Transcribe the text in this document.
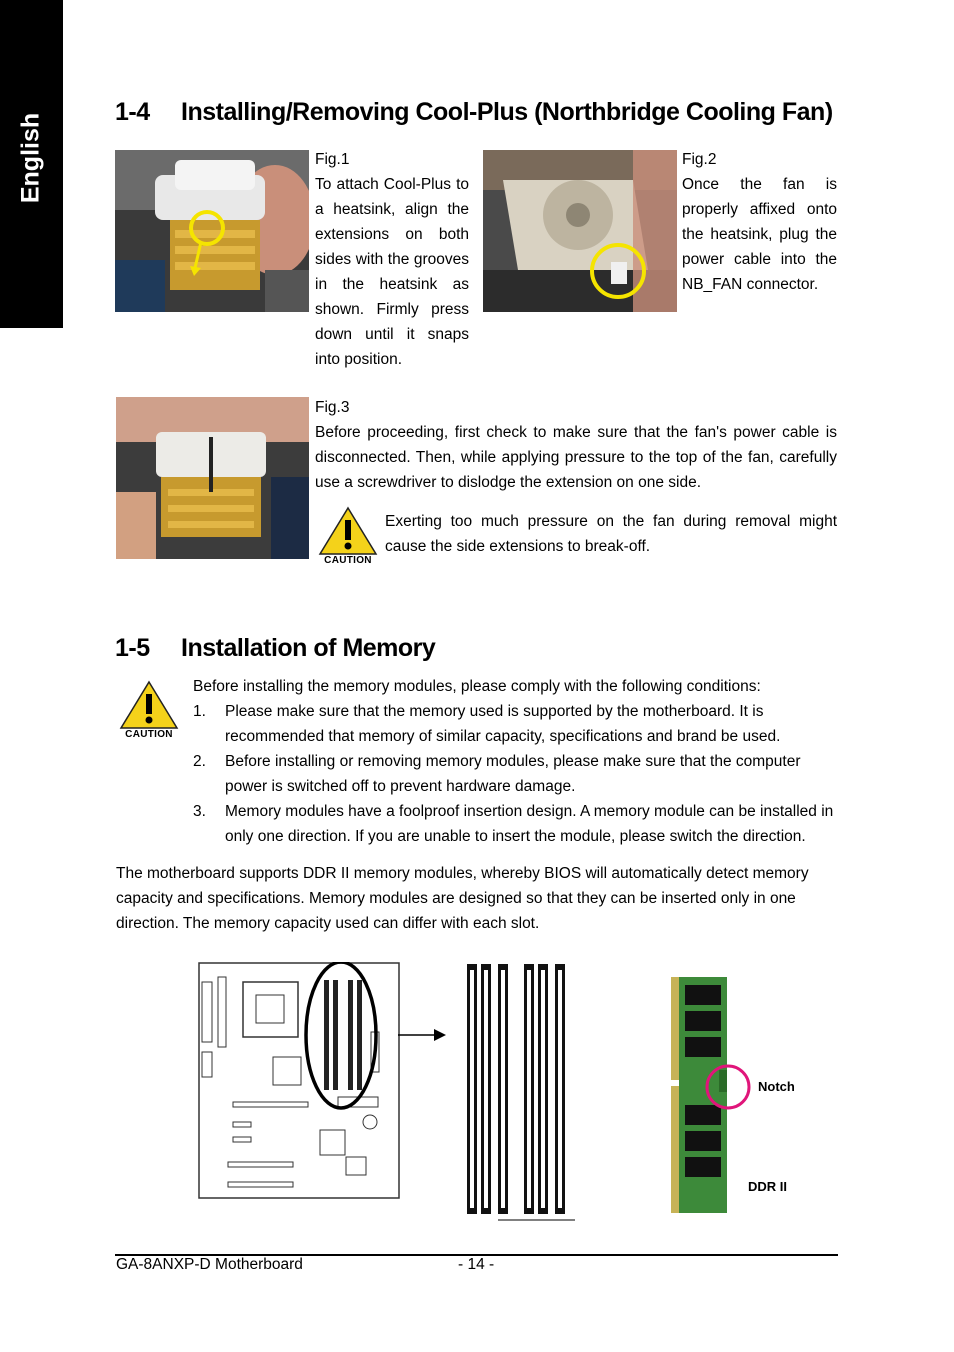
English
1-4 Installing/Removing Cool-Plus (Northbridge Cooling Fan)
Fig.1
To attach Cool-Plus to a heatsink, align the extensions on both sides with the grooves in the heatsink as shown. Firmly press down until it snaps into position.
Fig.2
Once the fan is properly affixed onto the heatsink, plug the power cable into the NB_FAN connector.
Fig.3
Before proceeding, first check to make sure that the fan's power cable is disconnected. Then, while applying pressure to the top of the fan, carefully use a screwdriver to dislodge the extension on one side.
CAUTION
Exerting too much pressure on the fan during removal might cause the side extensions to break-off.
1-5 Installation of Memory
CAUTION
Before installing the memory modules, please comply with the following conditions:
1. Please make sure that the memory used is supported by the motherboard. It is recommended that memory of similar capacity, specifications and brand be used.
2. Before installing or removing memory modules, please make sure that the computer power is switched off to prevent hardware damage.
3. Memory modules have a foolproof insertion design. A memory module can be installed in only one direction. If you are unable to insert the module, please switch the direction.
The motherboard supports DDR II memory modules, whereby BIOS will automatically detect memory capacity and specifications. Memory modules are designed so that they can be inserted only in one direction. The memory capacity used can differ with each slot.
Notch
DDR II
GA-8ANXP-D Motherboard	- 14 -
